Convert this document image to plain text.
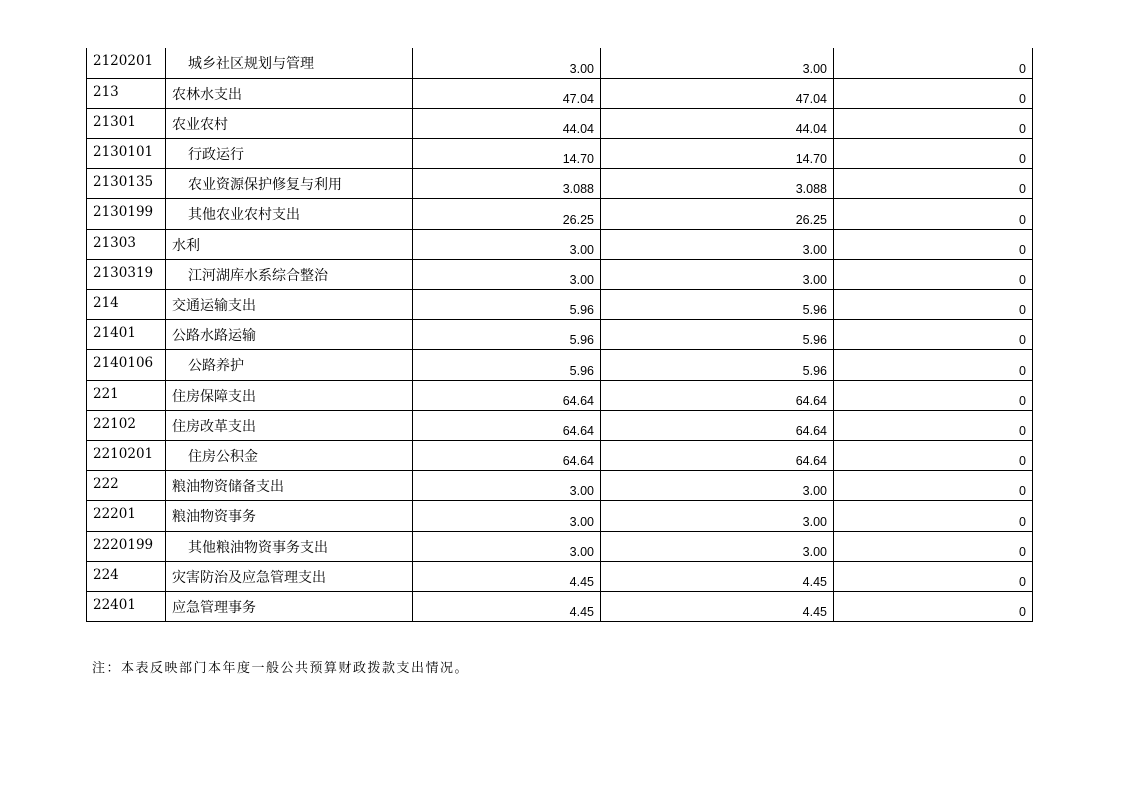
2120201	城乡社区规划与管理	3.00	3.00	0
213	农林水支出	47.04	47.04	0
21301	农业农村	44.04	44.04	0
2130101	行政运行	14.70	14.70	0
2130135	农业资源保护修复与利用	3.088	3.088	0
2130199	其他农业农村支出	26.25	26.25	0
21303	水利	3.00	3.00	0
2130319	江河湖库水系综合整治	3.00	3.00	0
214	交通运输支出	5.96	5.96	0
21401	公路水路运输	5.96	5.96	0
2140106	公路养护	5.96	5.96	0
221	住房保障支出	64.64	64.64	0
22102	住房改革支出	64.64	64.64	0
2210201	住房公积金	64.64	64.64	0
222	粮油物资储备支出	3.00	3.00	0
22201	粮油物资事务	3.00	3.00	0
2220199	其他粮油物资事务支出	3.00	3.00	0
224	灾害防治及应急管理支出	4.45	4.45	0
22401	应急管理事务	4.45	4.45	0
注：本表反映部门本年度一般公共预算财政拨款支出情况。
